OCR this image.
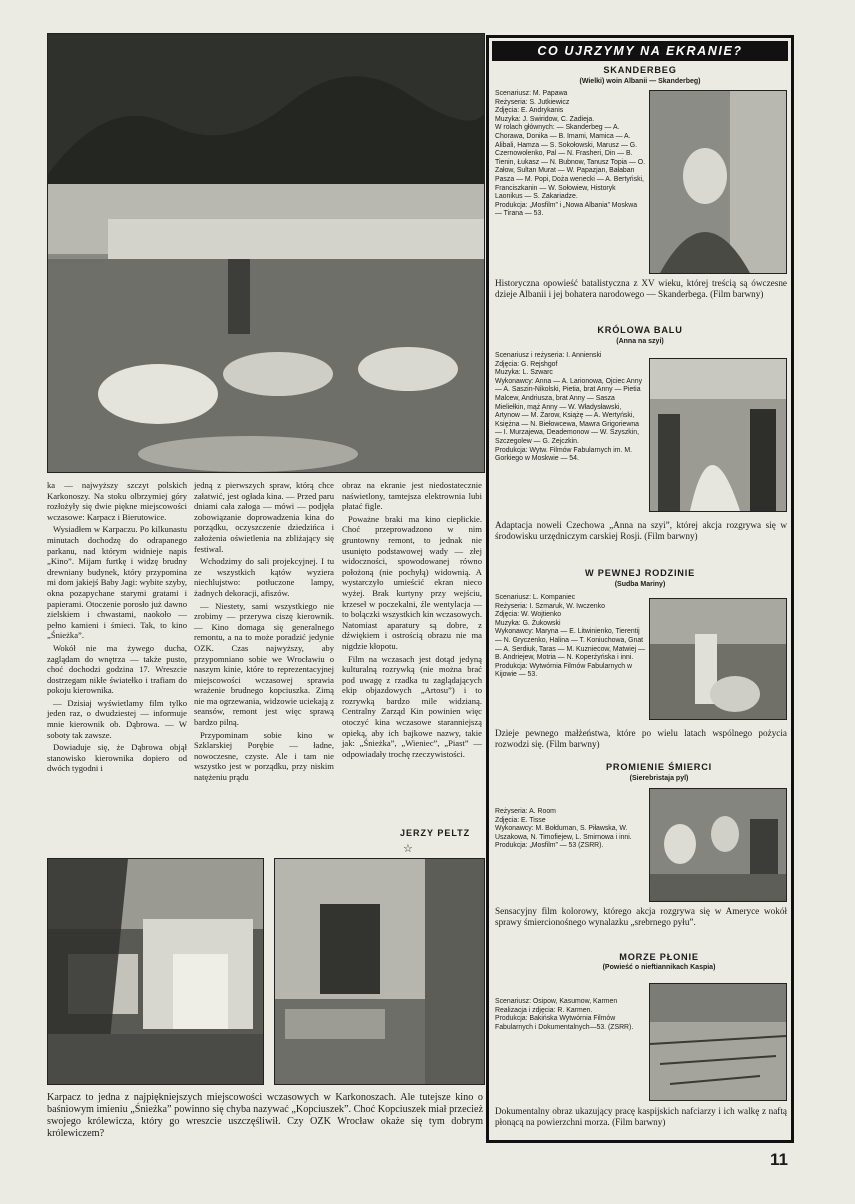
ka — najwyższy szczyt polskich Karkonoszy. Na stoku olbrzymiej góry rozłożyły się dwie piękne miejscowości wczasowe: Karpacz i Bierutowice.

Wysiadłem w Karpaczu. Po kilkunastu minutach dochodzę do odrapanego parkanu, nad którym widnieje napis „Kino”. Mijam furtkę i widzę brudny drewniany budynek, który przypomina mi dom jakiejś Baby Jagi: wybite szyby, okna pozapychane starymi gratami i papierami. Otoczenie porosło już dawno zielskiem i chwastami, naokoło — pełno kamieni i śmieci. Tak, to kino „Śnieżka”.

Wokół nie ma żywego ducha, zaglądam do wnętrza — także pusto, choć dochodzi godzina 17. Wreszcie dostrzegam nikłe światełko i trafiam do pokoju kierownika.

— Dzisiaj wyświetlamy film tylko jeden raz, o dwudziestej — informuje mnie kierownik ob. Dąbrowa. — W soboty tak zawsze.

Dowiaduje się, że Dąbrowa objął stanowisko kierownika dopiero od dwóch tygodni i

jedną z pierwszych spraw, którą chce załatwić, jest ogłada kina. — Przed paru dniami cała załoga — mówi — podjęła zobowiązanie doprowadzenia kina do porządku, oczyszczenie dziedzińca i założenia oświetlenia na zbliżający się festiwal.

Wchodzimy do sali projekcyjnej. I tu ze wszystkich kątów wyziera niechlujstwo: potłuczone lampy, żadnych dekoracji, afiszów.

— Niestety, sami wszystkiego nie zrobimy — przerywa ciszę kierownik. — Kino domaga się generalnego remontu, a na to może poradzić jedynie OZK. Czas najwyższy, aby przypomniano sobie we Wrocławiu o naszym kinie, które to reprezentacyjnej miejscowości wczasowej sprawia wrażenie brudnego kopciuszka. Zimą nie ma ogrzewania, widzowie uciekają z seansów, remont jest więc sprawą bardzo pilną.

Przypominam sobie kino w Szklarskiej Porębie — ładne, nowoczesne, czyste. Ale i tam nie wszystko jest w porządku, przy niskim natężeniu prądu

obraz na ekranie jest niedostatecznie naświetlony, tamtejsza elektrownia lubi płatać figle.

Poważne braki ma kino ciepłickie. Choć przeprowadzono w nim gruntowny remont, to jednak nie usunięto podstawowej wady — złej widoczności, spowodowanej równo położoną (nie pochyłą) widownią. A wystarczyło umieścić ekran nieco wyżej. Brak kurtyny przy wejściu, krzeseł w poczekalni, źle wentylacja — to bolączki wszystkich kin wczasowych. Natomiast aparatury są dobre, z dźwiękiem i ostrością obrazu nie ma nigdzie kłopotu.

Film na wczasach jest dotąd jedyną kulturalną rozrywką (nie można brać pod uwagę z rzadka tu zaglądających ekip objazdowych „Artosu”) i to rozrywką bardzo mile widzianą. Centralny Zarząd Kin powinien więc otoczyć kina wczasowe staranniejszą opieką, aby ich bajkowe nazwy, takie jak: „Śnieżka”, „Wieniec”, „Piast” — odpowiadały trochę rzeczywistości.

JERZY PELTZ
☆
Karpacz to jedna z najpiękniejszych miejscowości wczasowych w Karkonoszach. Ale tutejsze kino o baśniowym imieniu „Śnieżka” powinno się chyba nazywać „Kopciuszek”. Choć Kopciuszek miał przecież swojego królewicza, który go wreszcie uszczęśliwił. Czy OZK Wrocław okaże się tym dobrym królewiczem?
CO UJRZYMY NA EKRANIE?
SKANDERBEG
(Wielki) woin Albanii — Skanderbeg)
Scenariusz: M. Papawa
Reżyseria: S. Jutkiewicz
Zdjęcia: E. Andrykanis
Muzyka: J. Swiridow, C. Zadieja.
W rolach głównych: — Skanderbeg — A. Chorawa, Donika — B. Imami, Mamica — A. Alibali, Hamza — S. Sokołowski, Marusz — G. Czernowolenko, Pal — N. Frasheri, Din — B. Tienin, Łukasz — N. Bubnow, Tanusz Topia — O. Załow, Sultan Murat — W. Papazjan, Bałaban Pasza — M. Popi, Doża wenecki — A. Bertyński, Franciszkanin — W. Sołowiew, Historyk Laonikus — S. Zakariadze.
Produkcja: „Mosfilm” i „Nowa Albania” Moskwa — Tirana — 53.
Historyczna opowieść batalistyczna z XV wieku, której treścią są ówczesne dzieje Albanii i jej bohatera narodowego — Skanderbega. (Film barwny)
KRÓLOWA BALU
(Anna na szyi)
Scenariusz i reżyseria: I. Annienski
Zdjęcia: G. Rejshgof
Muzyka: L. Szwarc
Wykonawcy: Anna — A. Larionowa, Ojciec Anny — A. Saszin-Nikolski, Pietia, brat Anny — Pietia Malcew, Andriusza, brat Anny — Sasza Mieliełkin, mąż Anny — W. Władysławski, Artynow — M. Żarow, Książę — A. Wertyński, Księżna — N. Biełowcewa, Mawra Grigoriewna — I. Murzajewa, Deademonow — W. Szyszkin, Szczegolew — G. Zejczkin.
Produkcja: Wytw. Filmów Fabularnych im. M. Gorkiego w Moskwie — 54.
Adaptacja noweli Czechowa „Anna na szyi”, której akcja rozgrywa się w środowisku urzędniczym carskiej Rosji. (Film barwny)
W PEWNEJ RODZINIE
(Sudba Mariny)
Scenariusz: L. Kompaniec
Reżyseria: I. Szmaruk, W. Iwczenko
Zdjęcia: W. Wojtienko
Muzyka: G. Żukowski
Wykonawcy: Maryna — E. Litwinienko, Tierentij — N. Gryczenko, Halina — T. Koniuchowa, Gnat — A. Serdiuk, Taras — M. Kuzniecow, Matwiej — B. Andriejew, Motria — N. Koperżyńska i inni.
Produkcja: Wytwórnia Filmów Fabularnych w Kijowie — 53.
Dzieje pewnego małżeństwa, które po wielu latach wspólnego pożycia rozwodzi się. (Film barwny)
PROMIENIE ŚMIERCI
(Sierebristaja pyl)
Reżyseria: A. Room
Zdjęcia: E. Tisse
Wykonawcy: M. Bołduman, S. Piławska, W. Uszakowa, N. Timofiejew, L. Smirnowa i inni.
Produkcja: „Mosfilm” — 53 (ZSRR).
Sensacyjny film kolorowy, którego akcja rozgrywa się w Ameryce wokół sprawy śmiercionośnego wynalazku „srebrnego pyłu”.
MORZE PŁONIE
(Powieść o nieftiannikach Kaspia)
Scenariusz: Osipow, Kasumow, Karmen
Realizacja i zdjęcia: R. Karmen.
Produkcja: Bakińska Wytwórnia Filmów Fabularnych i Dokumentalnych—53. (ZSRR).
Dokumentalny obraz ukazujący pracę kaspijskich nafciarzy i ich walkę z naftą płonącą na powierzchni morza. (Film barwny)
11
